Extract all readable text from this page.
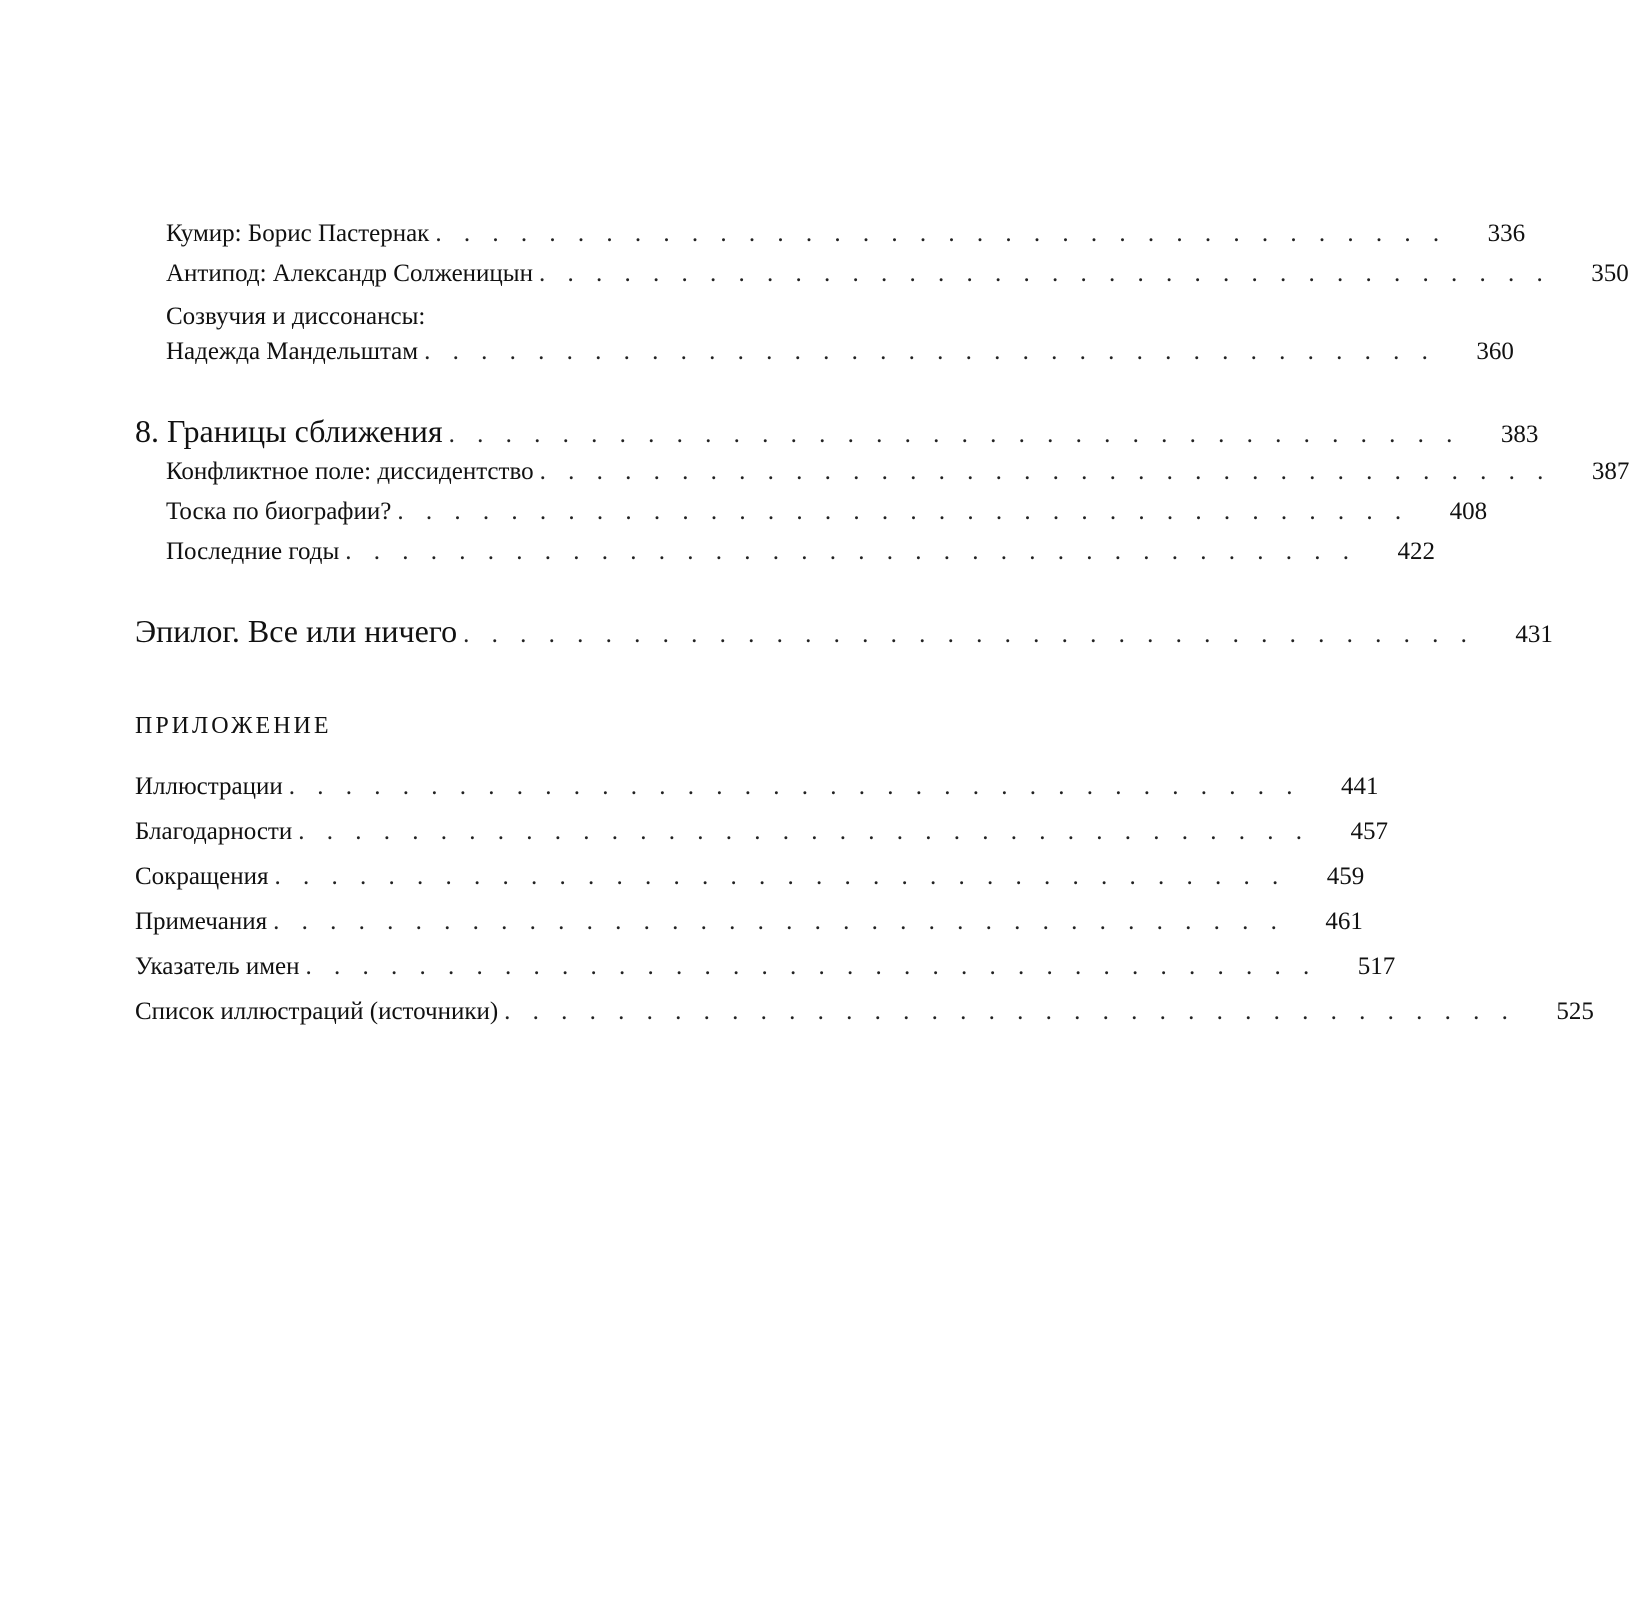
Кумир: Борис Пастернак . . . . . . . . . . . . . . . . . . . . . . . . . . . . . . . . . . . .	336
Антипод: Александр Солженицын . . . . . . . . . . . . . . . . . . . . . . . . . . . . . . . . . . . .	350
Созвучия и диссонансы:
Надежда Мандельштам . . . . . . . . . . . . . . . . . . . . . . . . . . . . . . . . . . . .	360
8. Границы сближения . . . . . . . . . . . . . . . . . . . . . . . . . . . . . . . . . . . .	383
Конфликтное поле: диссидентство . . . . . . . . . . . . . . . . . . . . . . . . . . . . . . . . . . . .	387
Тоска по биографии? . . . . . . . . . . . . . . . . . . . . . . . . . . . . . . . . . . . .	408
Последние годы . . . . . . . . . . . . . . . . . . . . . . . . . . . . . . . . . . . .	422
Эпилог. Все или ничего . . . . . . . . . . . . . . . . . . . . . . . . . . . . . . . . . . . .	431
ПРИЛОЖЕНИЕ
Иллюстрации . . . . . . . . . . . . . . . . . . . . . . . . . . . . . . . . . . . .	441
Благодарности . . . . . . . . . . . . . . . . . . . . . . . . . . . . . . . . . . . .	457
Сокращения . . . . . . . . . . . . . . . . . . . . . . . . . . . . . . . . . . . .	459
Примечания . . . . . . . . . . . . . . . . . . . . . . . . . . . . . . . . . . . .	461
Указатель имен . . . . . . . . . . . . . . . . . . . . . . . . . . . . . . . . . . . .	517
Список иллюстраций (источники) . . . . . . . . . . . . . . . . . . . . . . . . . . . . . . . . . . . .	525
